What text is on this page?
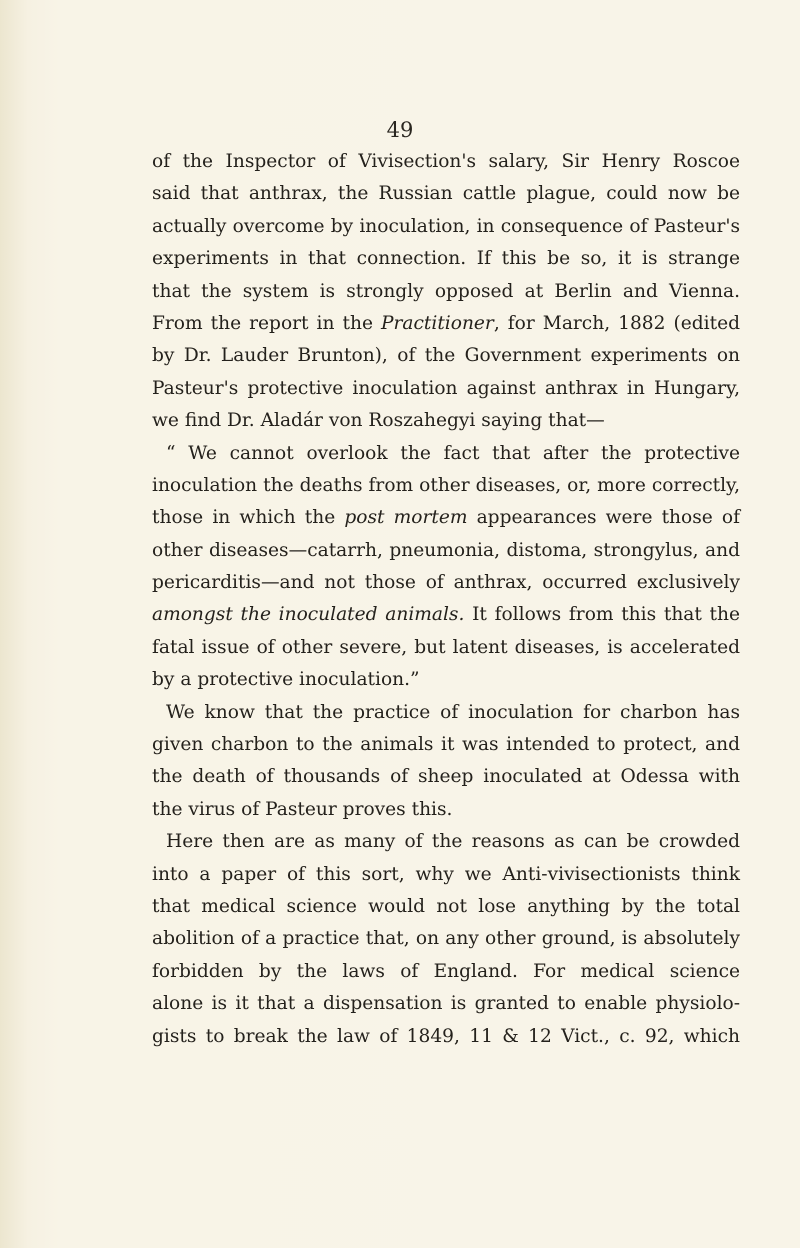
49
of the Inspector of Vivisection's salary, Sir Henry Roscoe
said that anthrax, the Russian cattle plague, could now be
actually overcome by inoculation, in consequence of Pasteur's
experiments in that connection. If this be so, it is strange
that the system is strongly opposed at Berlin and Vienna.
From the report in the Practitioner, for March, 1882 (edited
by Dr. Lauder Brunton), of the Government experiments on
Pasteur's protective inoculation against anthrax in Hungary,
we find Dr. Aladár von Roszahegyi saying that—
“ We cannot overlook the fact that after the protective
inoculation the deaths from other diseases, or, more correctly,
those in which the post mortem appearances were those of
other diseases—catarrh, pneumonia, distoma, strongylus, and
pericarditis—and not those of anthrax, occurred exclusively
amongst the inoculated animals. It follows from this that the
fatal issue of other severe, but latent diseases, is accelerated
by a protective inoculation.”
We know that the practice of inoculation for charbon has
given charbon to the animals it was intended to protect, and
the death of thousands of sheep inoculated at Odessa with
the virus of Pasteur proves this.
Here then are as many of the reasons as can be crowded
into a paper of this sort, why we Anti-vivisectionists think
that medical science would not lose anything by the total
abolition of a practice that, on any other ground, is absolutely
forbidden by the laws of England. For medical science
alone is it that a dispensation is granted to enable physiolo-
gists to break the law of 1849, 11 & 12 Vict., c. 92, which
